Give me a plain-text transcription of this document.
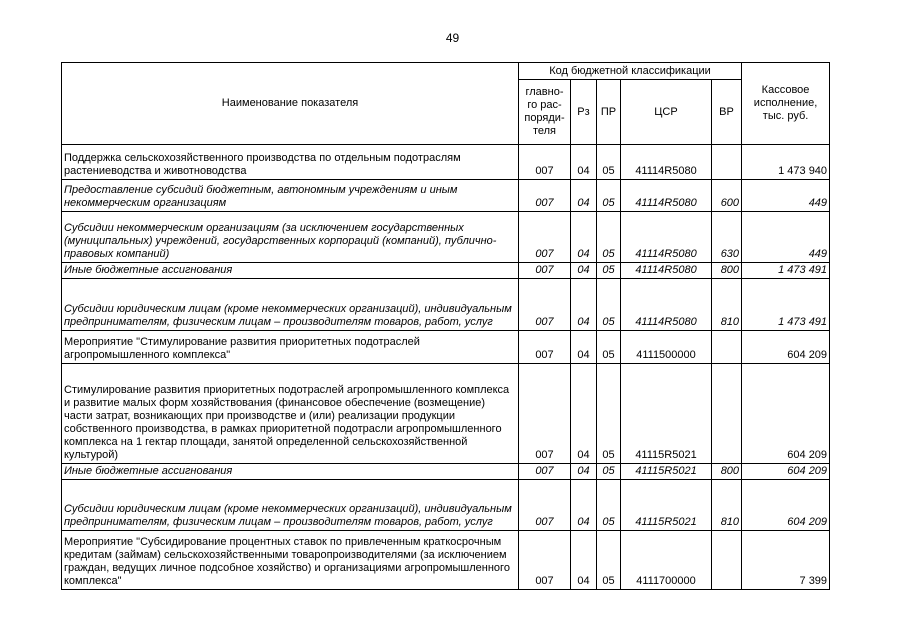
49
Наименование показателя	Код бюджетной классификации					Кассовое исполнение, тыс. руб.
	главно-го рас-поряди-теля	Рз	ПР	ЦСР	ВР	
Поддержка сельскохозяйственного производства по отдельным подотраслям растениеводства и животноводства	007	04	05	41114R5080		1 473 940
Предоставление субсидий бюджетным, автономным учреждениям и иным некоммерческим организациям	007	04	05	41114R5080	600	449
Субсидии некоммерческим организациям (за исключением государственных (муниципальных) учреждений, государственных корпораций (компаний), публично-правовых компаний)	007	04	05	41114R5080	630	449
Иные бюджетные ассигнования	007	04	05	41114R5080	800	1 473 491
Субсидии юридическим лицам (кроме некоммерческих организаций), индивидуальным предпринимателям, физическим лицам – производителям товаров, работ, услуг	007	04	05	41114R5080	810	1 473 491
Мероприятие "Стимулирование развития приоритетных подотраслей агропромышленного комплекса"	007	04	05	4111500000		604 209
Стимулирование развития приоритетных подотраслей агропромышленного комплекса и развитие малых форм хозяйствования (финансовое обеспечение (возмещение) части затрат, возникающих при производстве и (или) реализации продукции собственного производства, в рамках приоритетной подотрасли агропромышленного комплекса на 1 гектар площади, занятой определенной сельскохозяйственной культурой)	007	04	05	41115R5021		604 209
Иные бюджетные ассигнования	007	04	05	41115R5021	800	604 209
Субсидии юридическим лицам (кроме некоммерческих организаций), индивидуальным предпринимателям, физическим лицам – производителям товаров, работ, услуг	007	04	05	41115R5021	810	604 209
Мероприятие "Субсидирование процентных ставок по привлеченным краткосрочным кредитам (займам) сельскохозяйственными товаропроизводителями (за исключением граждан, ведущих личное подсобное хозяйство) и организациями агропромышленного комплекса"	007	04	05	4111700000		7 399
